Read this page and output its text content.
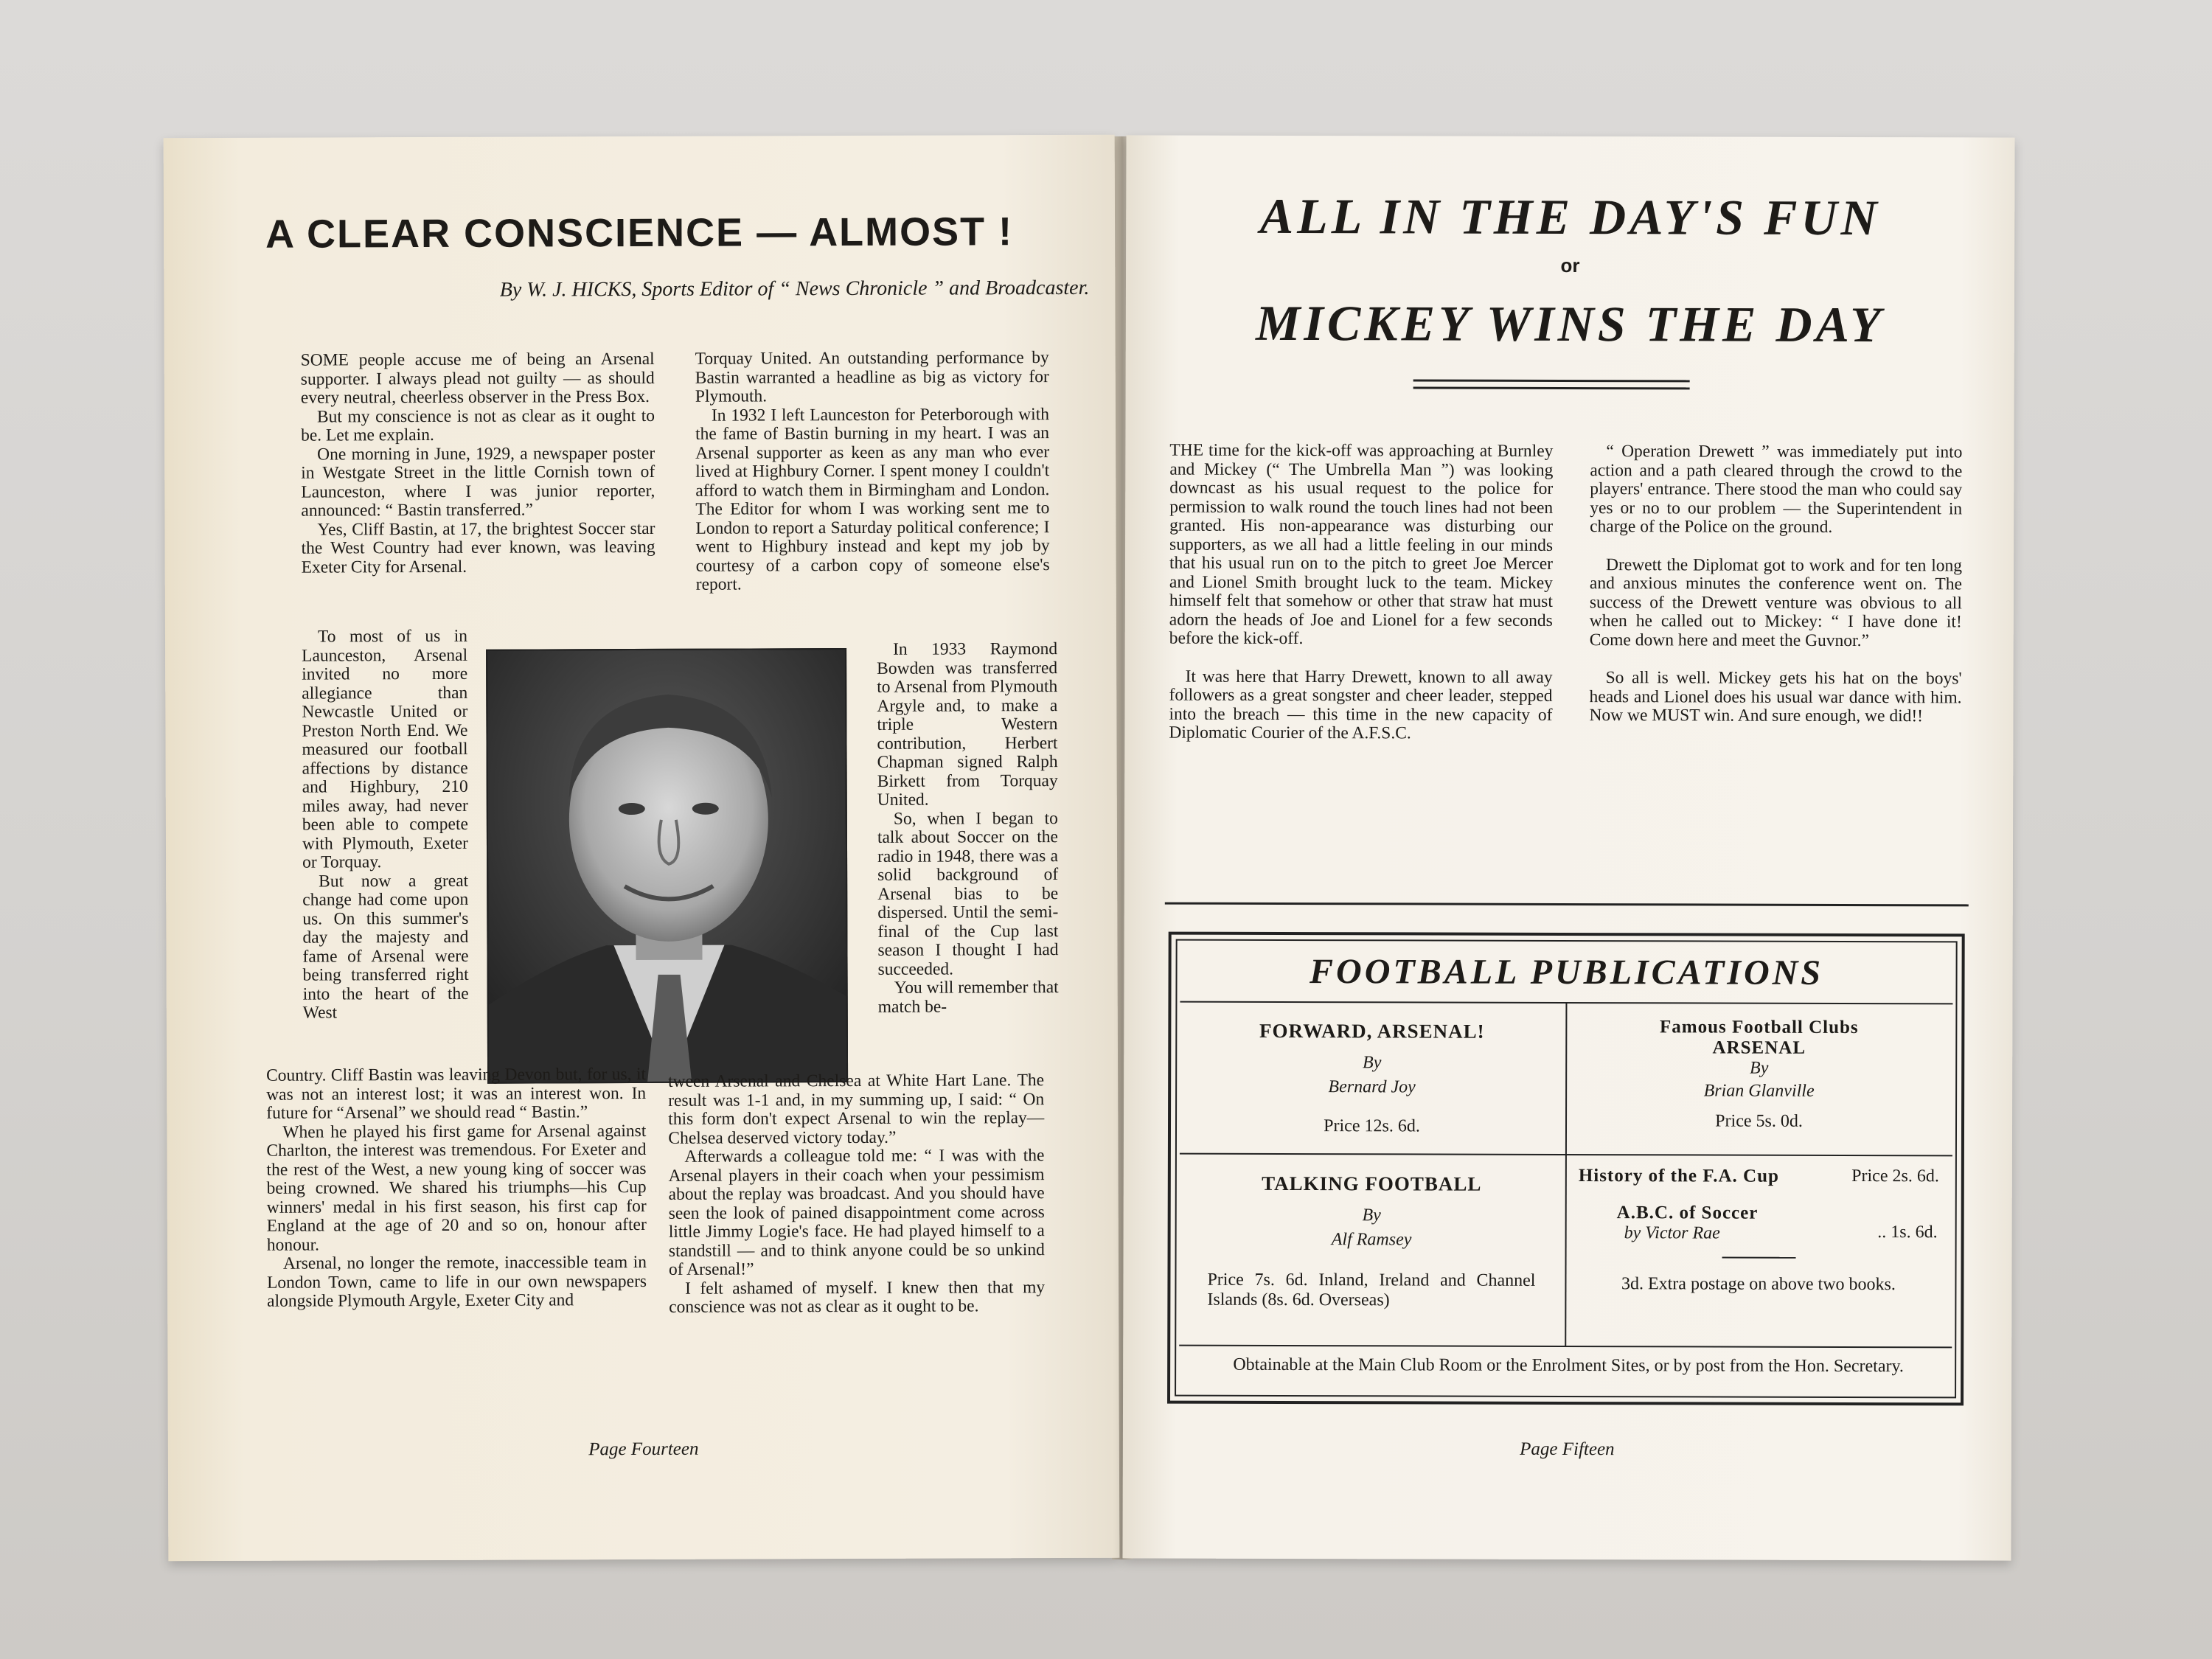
A CLEAR CONSCIENCE — ALMOST !
By W. J. HICKS, Sports Editor of “ News Chronicle ” and Broadcaster.

SOME people accuse me of being an Arsenal supporter. I always plead not guilty — as should every neutral, cheerless observer in the Press Box.

But my conscience is not as clear as it ought to be. Let me explain.

One morning in June, 1929, a newspaper poster in Westgate Street in the little Cornish town of Launceston, where I was junior reporter, announced: “ Bastin transferred.”

Yes, Cliff Bastin, at 17, the brightest Soccer star the West Country had ever known, was leaving Exeter City for Arsenal.

To most of us in Launceston, Arsenal invited no more allegiance than Newcastle United or Preston North End. We measured our football affections by distance and Highbury, 210 miles away, had never been able to compete with Plymouth, Exeter or Torquay.

But now a great change had come upon us. On this summer's day the majesty and fame of Arsenal were being transferred right into the heart of the West

Country. Cliff Bastin was leaving Devon but, for us, it was not an interest lost; it was an interest won. In future for “Arsenal” we should read “ Bastin.”

When he played his first game for Arsenal against Charlton, the interest was tremendous. For Exeter and the rest of the West, a new young king of soccer was being crowned. We shared his triumphs—his Cup winners' medal in his first season, his first cap for England at the age of 20 and so on, honour after honour.

Arsenal, no longer the remote, inaccessible team in London Town, came to life in our own newspapers alongside Plymouth Argyle, Exeter City and

Torquay United. An outstanding performance by Bastin warranted a headline as big as victory for Plymouth.

In 1932 I left Launceston for Peterborough with the fame of Bastin burning in my heart. I was an Arsenal supporter as keen as any man who ever lived at Highbury Corner. I spent money I couldn't afford to watch them in Birmingham and London. The Editor for whom I was working sent me to London to report a Saturday political conference; I went to Highbury instead and kept my job by courtesy of a carbon copy of someone else's report.

In 1933 Raymond Bowden was transferred to Arsenal from Plymouth Argyle and, to make a triple Western contribution, Herbert Chapman signed Ralph Birkett from Torquay United.

So, when I began to talk about Soccer on the radio in 1948, there was a solid background of Arsenal bias to be dispersed. Until the semi-final of the Cup last season I thought I had succeeded.

You will remember that match be-

tween Arsenal and Chelsea at White Hart Lane. The result was 1-1 and, in my summing up, I said: “ On this form don't expect Arsenal to win the replay—Chelsea deserved victory today.”

Afterwards a colleague told me: “ I was with the Arsenal players in their coach when your pessimism about the replay was broadcast. And you should have seen the look of pained disappointment come across little Jimmy Logie's face. He had played himself to a standstill — and to think anyone could be so unkind of Arsenal!”

I felt ashamed of myself. I knew then that my conscience was not as clear as it ought to be.

Page Fourteen
ALL IN THE DAY'S FUN
or
MICKEY WINS THE DAY

THE time for the kick-off was approaching at Burnley and Mickey (“ The Umbrella Man ”) was looking downcast as his usual request to the police for permission to walk round the touch lines had not been granted. His non-appearance was disturbing our supporters, as we all had a little feeling in our minds that his usual run on to the pitch to greet Joe Mercer and Lionel Smith brought luck to the team. Mickey himself felt that somehow or other that straw hat must adorn the heads of Joe and Lionel for a few seconds before the kick-off.

It was here that Harry Drewett, known to all away followers as a great songster and cheer leader, stepped into the breach — this time in the new capacity of Diplomatic Courier of the A.F.S.C.

“ Operation Drewett ” was immediately put into action and a path cleared through the crowd to the players' entrance. There stood the man who could say yes or no to our problem — the Superintendent in charge of the Police on the ground.

Drewett the Diplomat got to work and for ten long and anxious minutes the conference went on. The success of the Drewett venture was obvious to all when he called out to Mickey: “ I have done it! Come down here and meet the Guvnor.”

So all is well. Mickey gets his hat on the boys' heads and Lionel does his usual war dance with him. Now we MUST win. And sure enough, we did!!

FOOTBALL PUBLICATIONS
FORWARD, ARSENAL!
By
Bernard Joy
Price 12s. 6d.
Famous Football Clubs
ARSENAL
By
Brian Glanville
Price 5s. 0d.
TALKING FOOTBALL
By
Alf Ramsey
Price 7s. 6d. Inland, Ireland and Channel Islands (8s. 6d. Overseas)
History of the F.A. Cup	Price 2s. 6d.
A.B.C. of Soccer
by Victor Rae	.. 1s. 6d.
3d. Extra postage on above two books.
Obtainable at the Main Club Room or the Enrolment Sites, or by post from the Hon. Secretary.
Page Fifteen
